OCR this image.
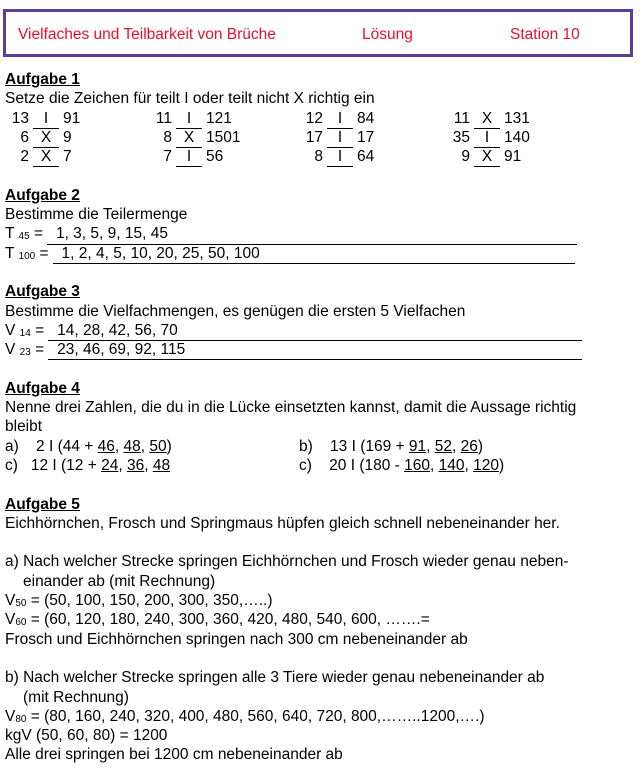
Vielfaches und Teilbarkeit von Brüche	Lösung	Station 10
Aufgabe 1
Setze die Zeichen für teilt I oder teilt nicht X richtig ein
13 I 91	11 I 121	12 I 84	11 X 131
6 X 9	8 X 1501	17 I 17	35 I 140
2 X 7	7 I 56	8 I 64	9 X 91
Aufgabe 2
Bestimme die Teilermenge
T $_{45}$ = 1, 3, 5, 9, 15, 45
T $_{100}$ = 1, 2, 4, 5, 10, 20, 25, 50, 100
Aufgabe 3
Bestimme die Vielfachmengen, es genügen die ersten 5 Vielfachen
V $_{14}$ = 14, 28, 42, 56, 70
V $_{23}$ = 23, 46, 69, 92, 115
Aufgabe 4
Nenne drei Zahlen, die du in die Lücke einsetzten kannst, damit die Aussage richtig
bleibt
a) 2 I (44 + 46, 48, 50)	b) 13 I (169 + 91, 52, 26)
c) 12 I (12 + 24, 36, 48	c) 20 I (180 - 160, 140, 120)
Aufgabe 5
Eichhörnchen, Frosch und Springmaus hüpfen gleich schnell nebeneinander her.
a) Nach welcher Strecke springen Eichhörnchen und Frosch wieder genau neben-
einander ab (mit Rechnung)
$V_{50} = (50$, 100, 150, 200, 300, 350,…..)
$V_{60} = (60$, 120, 180, 240, 300, 360, 420, 480, 540, 600, …….=
Frosch und Eichhörnchen springen nach 300 cm nebeneinander ab
b) Nach welcher Strecke springen alle 3 Tiere wieder genau nebeneinander ab
(mit Rechnung)
$V_{80} = (80$, 160, 240, 320, 400, 480, 560, 640, 720, 800,……..1200,….)
kgV (50, 60, 80) = 1200
Alle drei springen bei 1200 cm nebeneinander ab
